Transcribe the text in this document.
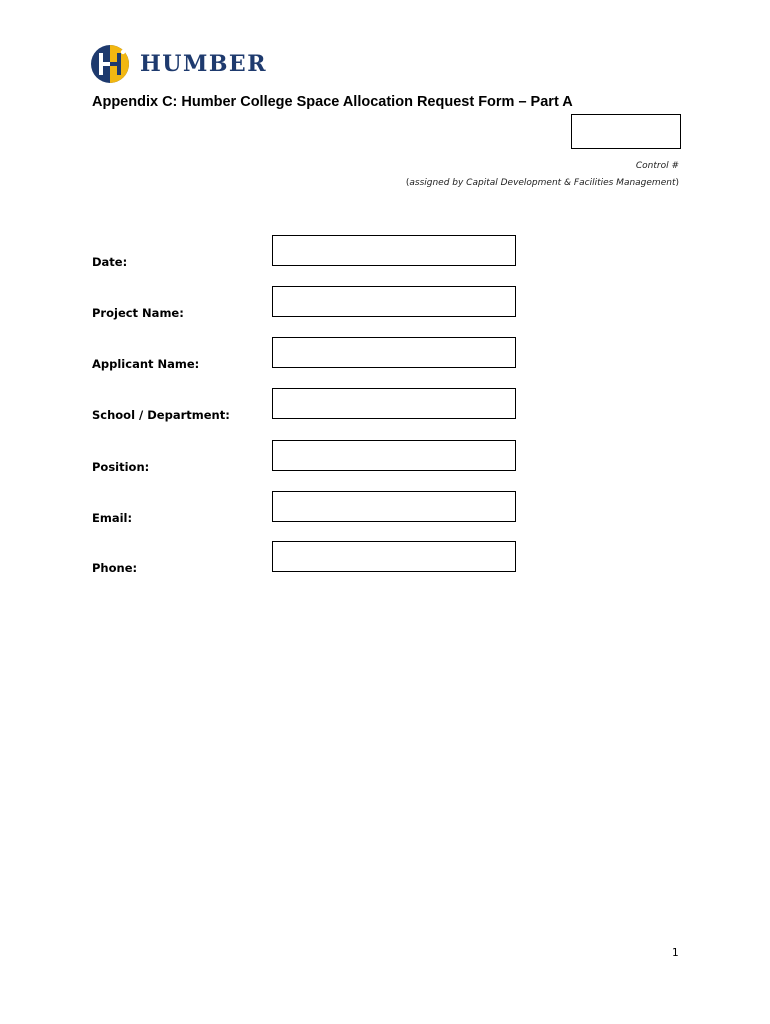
HUMBER
Appendix C: Humber College Space Allocation Request Form – Part A
Control #
(assigned by Capital Development & Facilities Management)
Date:
Project Name:
Applicant Name:
School / Department:
Position:
Email:
Phone:
1
